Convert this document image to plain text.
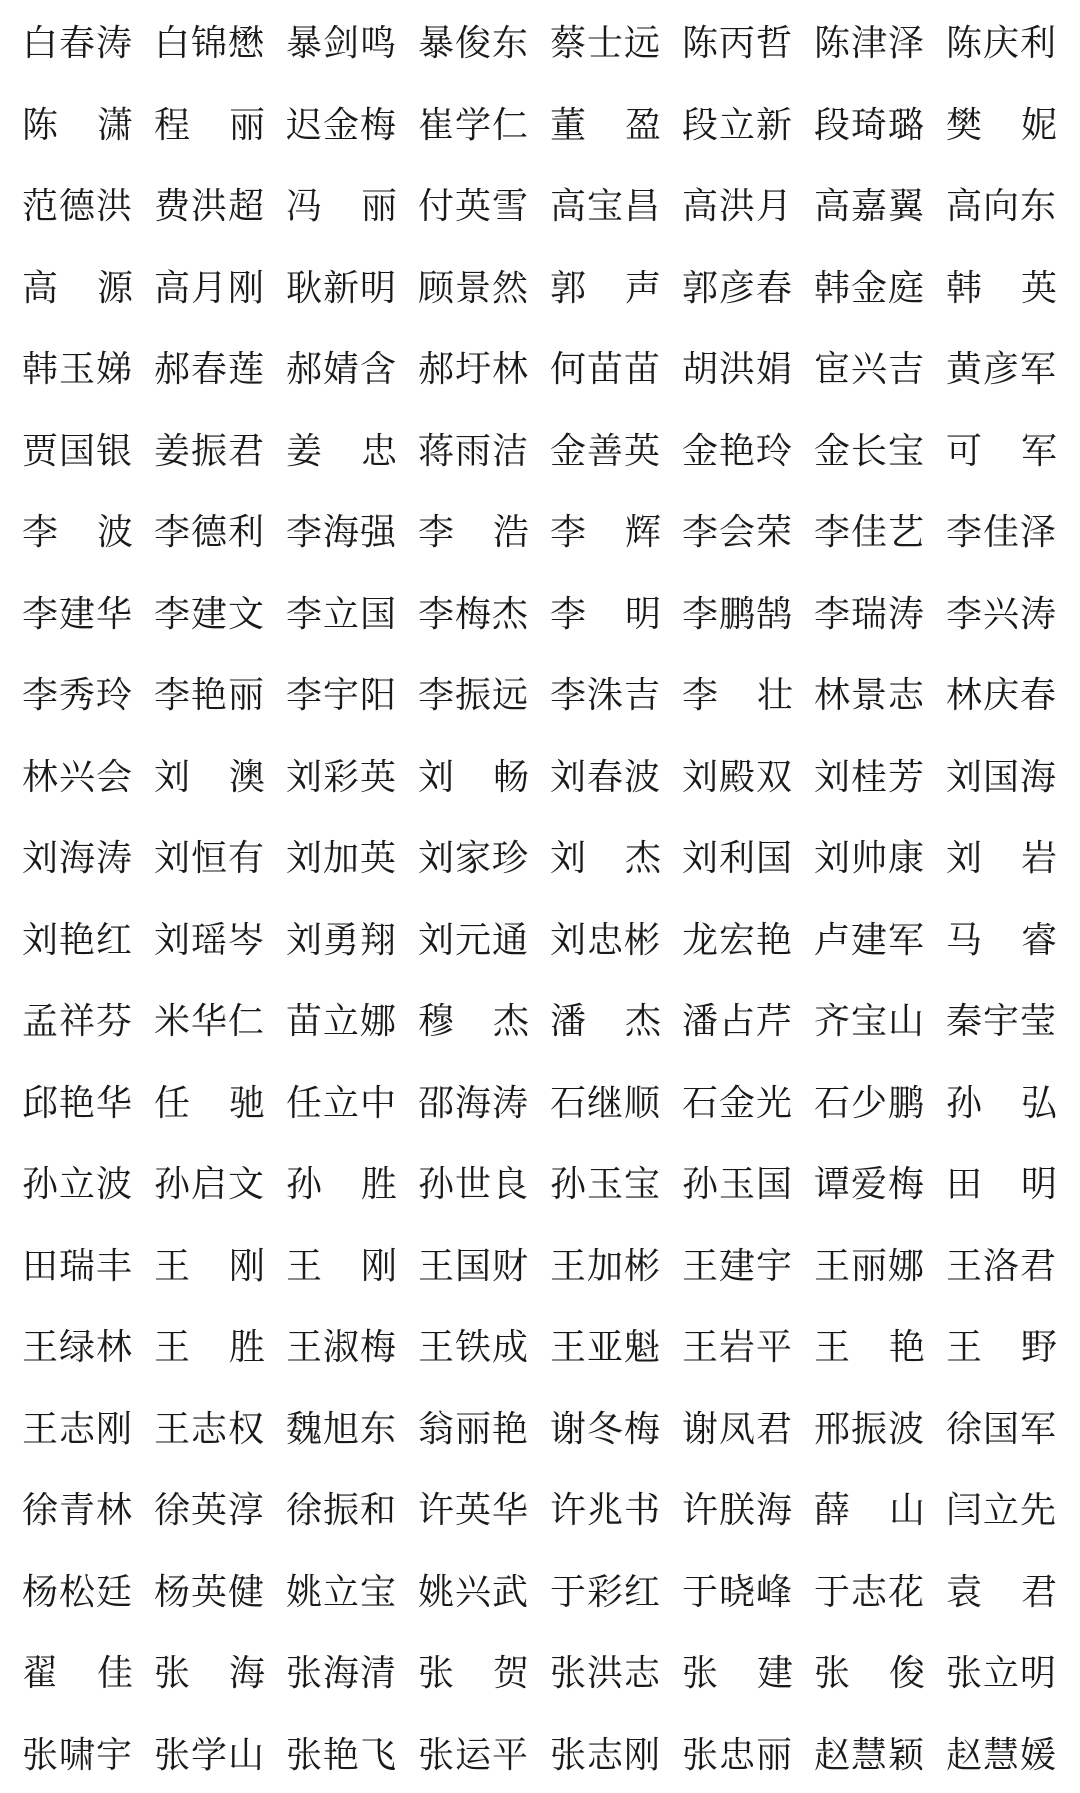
白春涛 白锦懋 暴剑鸣 暴俊东 蔡士远 陈丙哲 陈津泽 陈庆利
陈 潇 程 丽 迟金梅 崔学仁 董 盈 段立新 段琦璐 樊 妮
范德洪 费洪超 冯 丽 付英雪 高宝昌 高洪月 高嘉翼 高向东
高 源 高月刚 耿新明 顾景然 郭 声 郭彦春 韩金庭 韩 英
韩玉娣 郝春莲 郝婧含 郝圩林 何苗苗 胡洪娟 宦兴吉 黄彦军
贾国银 姜振君 姜 忠 蒋雨洁 金善英 金艳玲 金长宝 可 军
李 波 李德利 李海强 李 浩 李 辉 李会荣 李佳艺 李佳泽
李建华 李建文 李立国 李梅杰 李 明 李鹏鹄 李瑞涛 李兴涛
李秀玲 李艳丽 李宇阳 李振远 李洙吉 李 壮 林景志 林庆春
林兴会 刘 澳 刘彩英 刘 畅 刘春波 刘殿双 刘桂芳 刘国海
刘海涛 刘恒有 刘加英 刘家珍 刘 杰 刘利国 刘帅康 刘 岩
刘艳红 刘瑶岑 刘勇翔 刘元通 刘忠彬 龙宏艳 卢建军 马 睿
孟祥芬 米华仁 苗立娜 穆 杰 潘 杰 潘占芹 齐宝山 秦宇莹
邱艳华 任 驰 任立中 邵海涛 石继顺 石金光 石少鹏 孙 弘
孙立波 孙启文 孙 胜 孙世良 孙玉宝 孙玉国 谭爱梅 田 明
田瑞丰 王 刚 王 刚 王国财 王加彬 王建宇 王丽娜 王洛君
王绿林 王 胜 王淑梅 王铁成 王亚魁 王岩平 王 艳 王 野
王志刚 王志权 魏旭东 翁丽艳 谢冬梅 谢凤君 邢振波 徐国军
徐青林 徐英淳 徐振和 许英华 许兆书 许朕海 薛 山 闫立先
杨松廷 杨英健 姚立宝 姚兴武 于彩红 于晓峰 于志花 袁 君
翟 佳 张 海 张海清 张 贺 张洪志 张 建 张 俊 张立明
张啸宇 张学山 张艳飞 张运平 张志刚 张忠丽 赵慧颖 赵慧媛
